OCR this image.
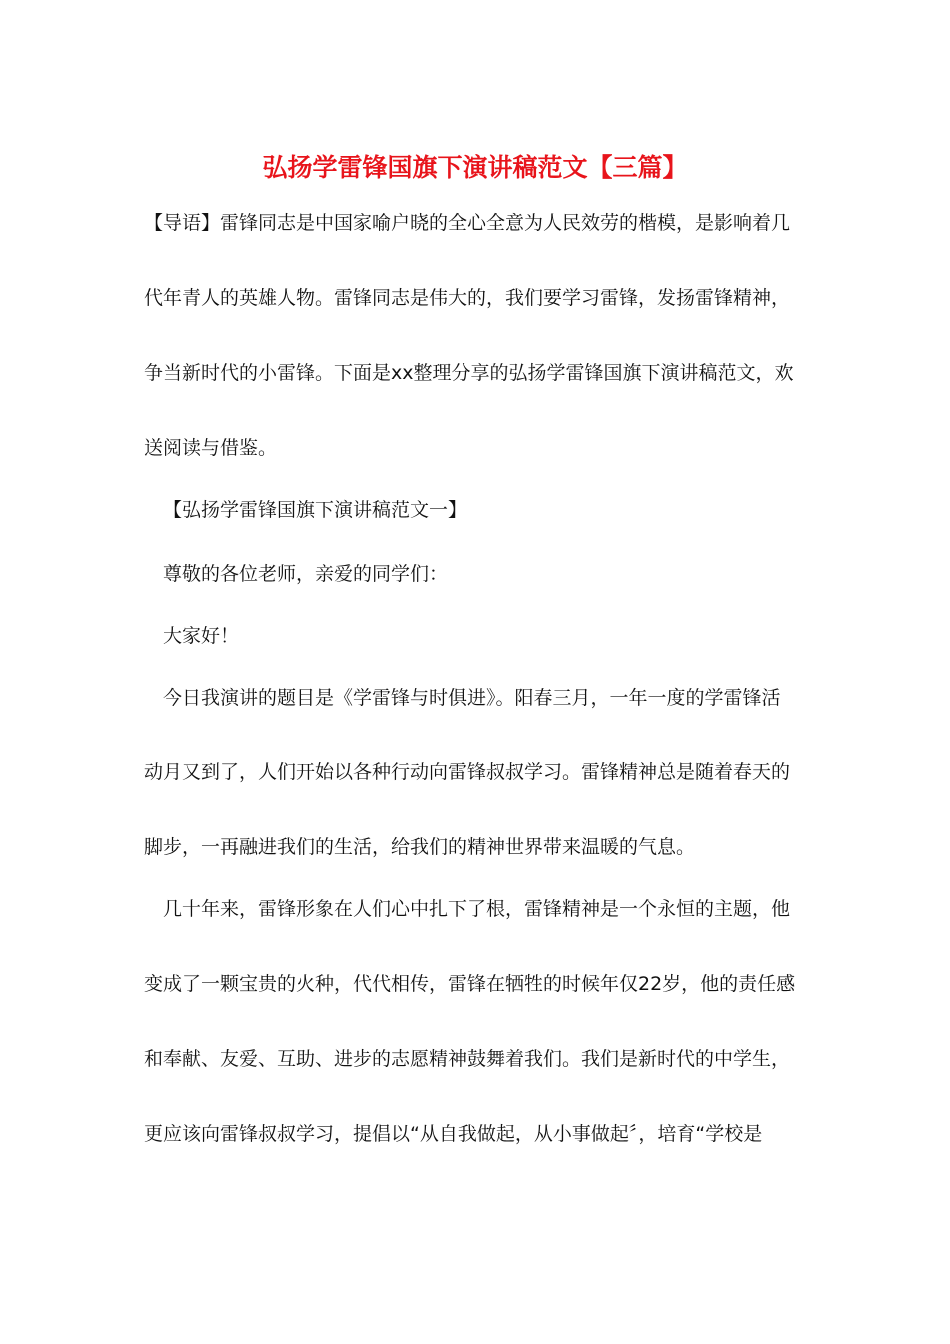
弘扬学雷锋国旗下演讲稿范文【三篇】

【导语】雷锋同志是中国家喻户晓的全心全意为人民效劳的楷模，是影响着几

代年青人的英雄人物。雷锋同志是伟大的，我们要学习雷锋，发扬雷锋精神，

争当新时代的小雷锋。下面是xx整理分享的弘扬学雷锋国旗下演讲稿范文，欢

送阅读与借鉴。

【弘扬学雷锋国旗下演讲稿范文一】

尊敬的各位老师，亲爱的同学们：

大家好！

今日我演讲的题目是《学雷锋与时俱进》。阳春三月，一年一度的学雷锋活

动月又到了，人们开始以各种行动向雷锋叔叔学习。雷锋精神总是随着春天的

脚步，一再融进我们的生活，给我们的精神世界带来温暖的气息。

几十年来，雷锋形象在人们心中扎下了根，雷锋精神是一个永恒的主题，他

变成了一颗宝贵的火种，代代相传，雷锋在牺牲的时候年仅22岁，他的责任感

和奉献、友爱、互助、进步的志愿精神鼓舞着我们。我们是新时代的中学生，

更应该向雷锋叔叔学习，提倡以“从自我做起，从小事做起〞，培育“学校是
